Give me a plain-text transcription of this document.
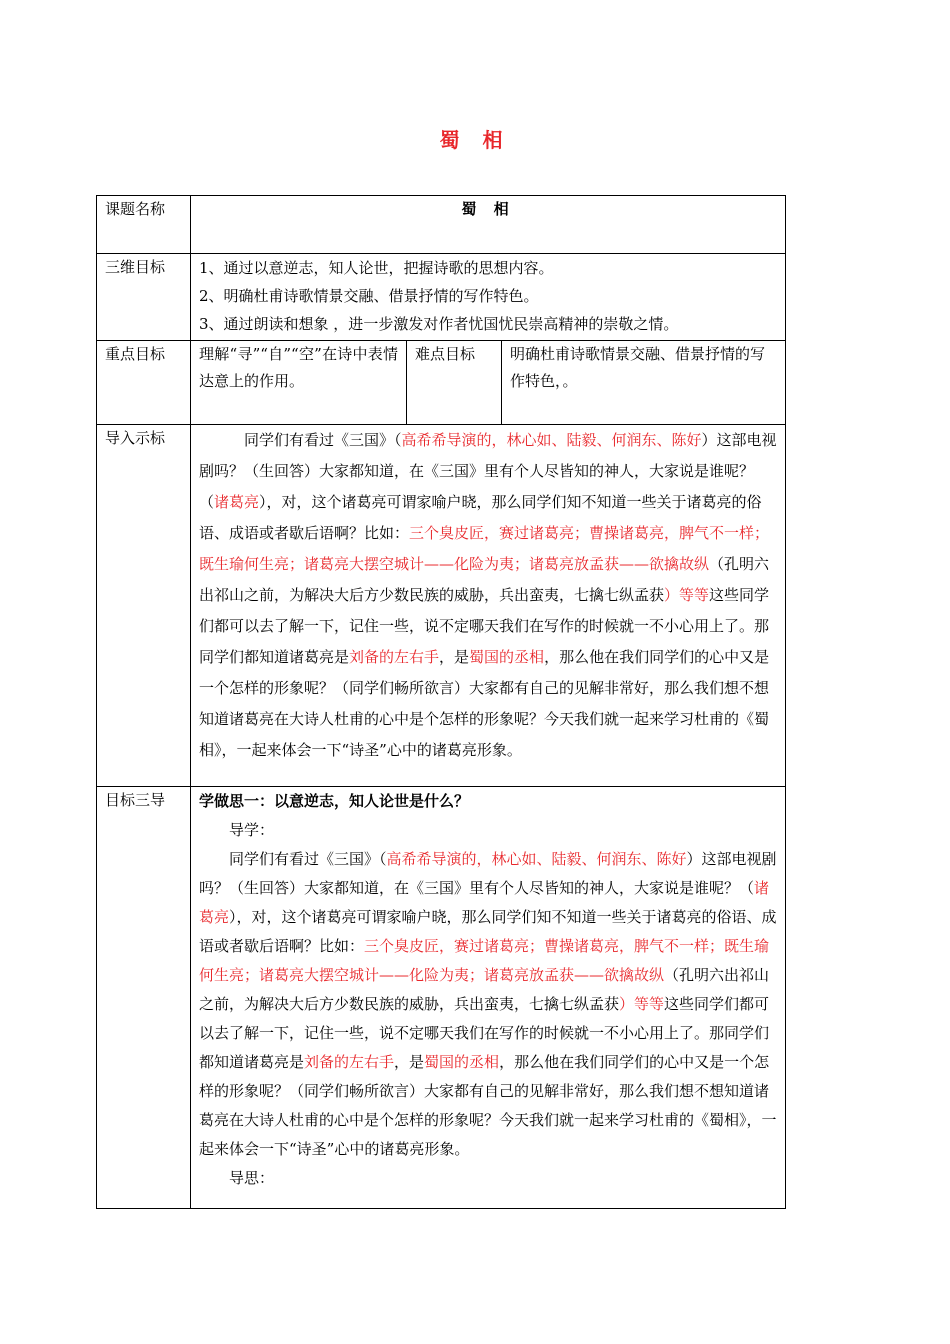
蜀 相
课题名称	蜀 相		
三维目标	1、通过以意逆志，知人论世，把握诗歌的思想内容。

2、明确杜甫诗歌情景交融、借景抒情的写作特色。

3、通过朗读和想象 ，进一步激发对作者忧国忧民崇高精神的崇敬之情。		

重点目标	理解“寻”“自”“空”在诗中表情达意上的作用。	难点目标	明确杜甫诗歌情景交融、借景抒情的写作特色，。
导入示标	同学们有看过《三国》（高希希导演的，林心如、陆毅、何润东、陈好）这部电视剧吗？（生回答）大家都知道，在《三国》里有个人尽皆知的神人，大家说是谁呢？（诸葛亮），对，这个诸葛亮可谓家喻户晓，那么同学们知不知道一些关于诸葛亮的俗语、成语或者歇后语啊？比如：三个臭皮匠，赛过诸葛亮；曹操诸葛亮，脾气不一样；既生瑜何生亮；诸葛亮大摆空城计——化险为夷；诸葛亮放孟获——欲擒故纵（孔明六出祁山之前，为解决大后方少数民族的威胁，兵出蛮夷，七擒七纵孟获）等等这些同学们都可以去了解一下，记住一些，说不定哪天我们在写作的时候就一不小心用上了。那同学们都知道诸葛亮是刘备的左右手，是蜀国的丞相，那么他在我们同学们的心中又是一个怎样的形象呢？（同学们畅所欲言）大家都有自己的见解非常好，那么我们想不想知道诸葛亮在大诗人杜甫的心中是个怎样的形象呢？今天我们就一起来学习杜甫的《蜀相》，一起来体会一下“诗圣”心中的诸葛亮形象。		

目标三导	学做思一：以意逆志，知人论世是什么？

导学：

同学们有看过《三国》（高希希导演的，林心如、陆毅、何润东、陈好）这部电视剧吗？（生回答）大家都知道，在《三国》里有个人尽皆知的神人，大家说是谁呢？（诸葛亮），对，这个诸葛亮可谓家喻户晓，那么同学们知不知道一些关于诸葛亮的俗语、成语或者歇后语啊？比如：三个臭皮匠，赛过诸葛亮；曹操诸葛亮，脾气不一样；既生瑜何生亮；诸葛亮大摆空城计——化险为夷；诸葛亮放孟获——欲擒故纵（孔明六出祁山之前，为解决大后方少数民族的威胁，兵出蛮夷，七擒七纵孟获）等等这些同学们都可以去了解一下，记住一些，说不定哪天我们在写作的时候就一不小心用上了。那同学们都知道诸葛亮是刘备的左右手，是蜀国的丞相，那么他在我们同学们的心中又是一个怎样的形象呢？（同学们畅所欲言）大家都有自己的见解非常好，那么我们想不想知道诸葛亮在大诗人杜甫的心中是个怎样的形象呢？今天我们就一起来学习杜甫的《蜀相》，一起来体会一下“诗圣”心中的诸葛亮形象。

导思：		
